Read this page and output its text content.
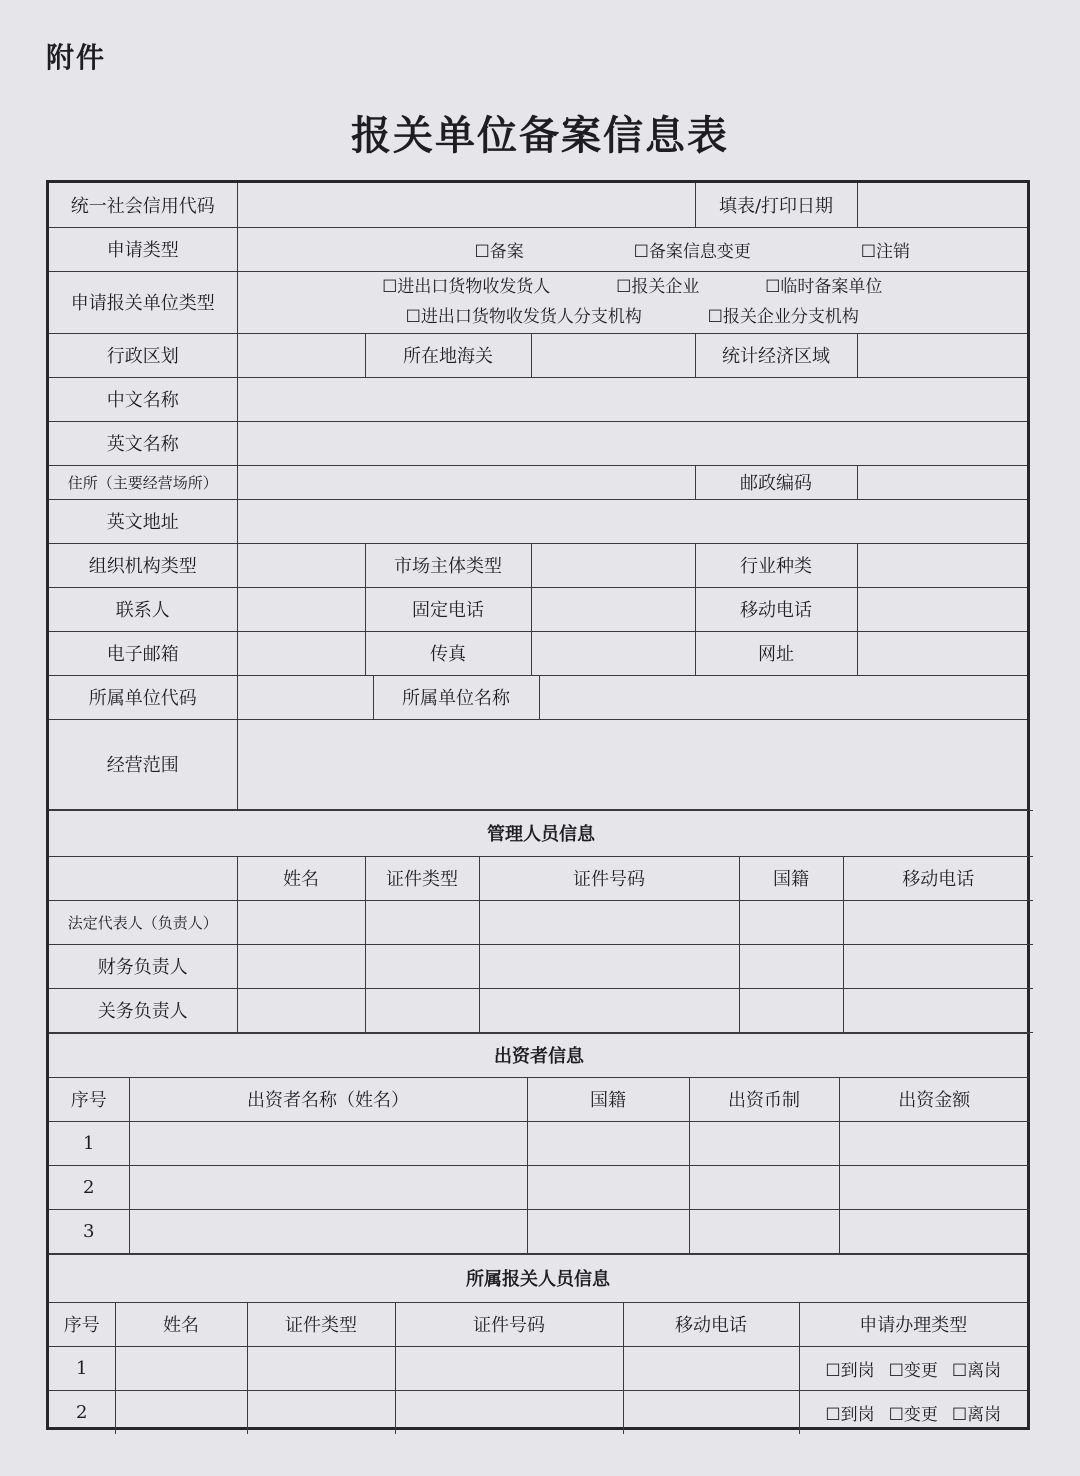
附件
报关单位备案信息表
统一社会信用代码						填表/打印日期	
申请类型	☐备案 ☐备案信息变更 ☐注销						

申请报关单位类型	☐进出口货物收发货人 ☐报关企业 ☐临时备案单位
☐进出口货物收发货人分支机构 ☐报关企业分支机构						

行政区划		所在地海关				统计经济区域	
中文名称							
英文名称							
住所（主要经营场所）						邮政编码	
英文地址							
组织机构类型		市场主体类型				行业种类	
联系人		固定电话				移动电话	
电子邮箱		传真				网址	
所属单位代码			所属单位名称				
经营范围							
管理人员信息					
	姓名	证件类型	证件号码	国籍	移动电话
法定代表人（负责人）					
财务负责人					
关务负责人					
出资者信息				
序号	出资者名称（姓名）	国籍	出资币制	出资金额
1				
2				
3				
所属报关人员信息					
序号	姓名	证件类型	证件号码	移动电话	申请办理类型
1					☐到岗 ☐变更 ☐离岗

2					☐到岗 ☐变更 ☐离岗
